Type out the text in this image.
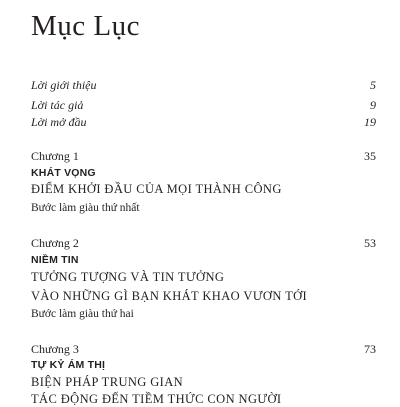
Mục Lục
Lời giới thiệu	5
Lời tác giả	9
Lời mở đầu	19
Chương 1	35
KHÁT VỌNG
ĐIỂM KHỞI ĐẦU CỦA MỌI THÀNH CÔNG
Bước làm giàu thứ nhất
Chương 2	53
NIỀM TIN
TƯỞNG TƯỢNG VÀ TIN TƯỞNG
VÀO NHỮNG GÌ BẠN KHÁT KHAO VƯƠN TỚI
Bước làm giàu thứ hai
Chương 3	73
TỰ KỶ ÁM THỊ
BIỆN PHÁP TRUNG GIAN
TÁC ĐỘNG ĐẾN TIỀM THỨC CON NGƯỜI
